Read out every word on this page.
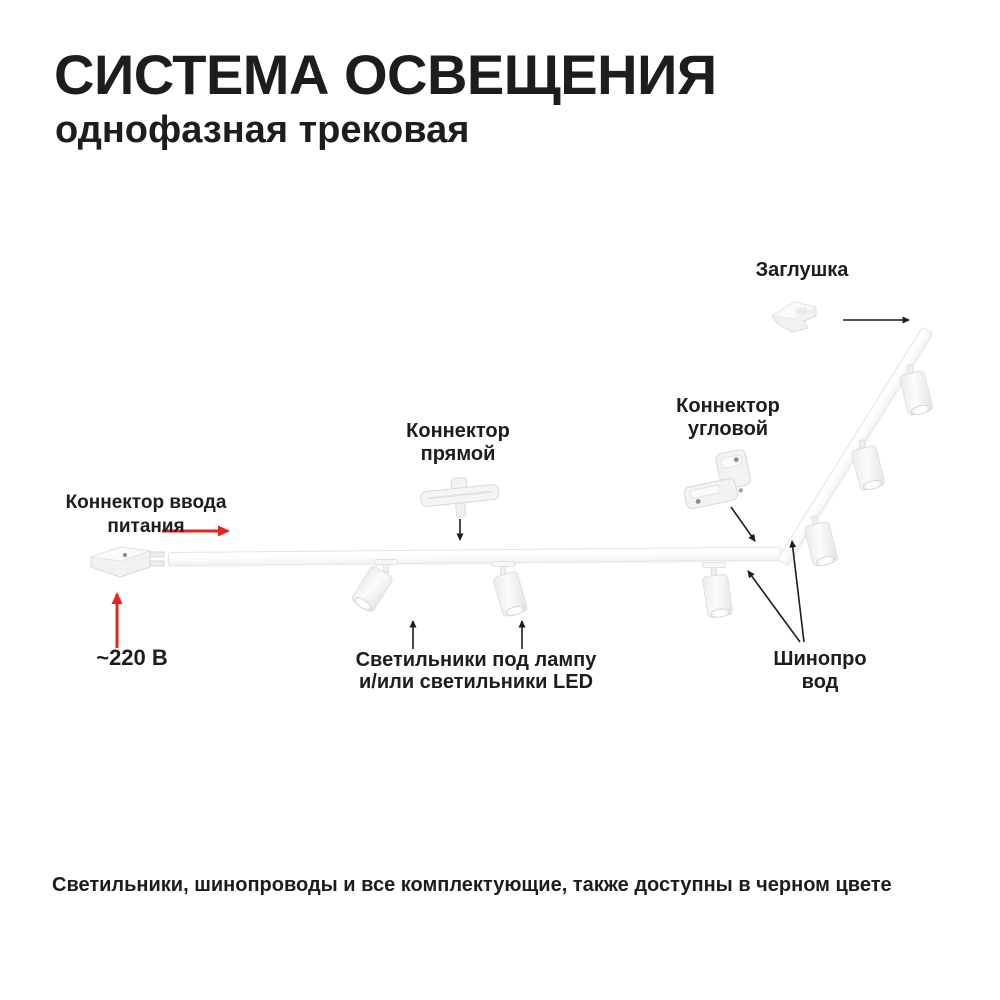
СИСТЕМА ОСВЕЩЕНИЯ
однофазная трековая
Заглушка
Коннектор
угловой
Коннектор
прямой
Коннектор ввода
питания
~220 В	Светильники под лампу
и/или светильники LED
Шинопро
вод
Светильники, шинопроводы и все комплектующие, также доступны в черном цвете
